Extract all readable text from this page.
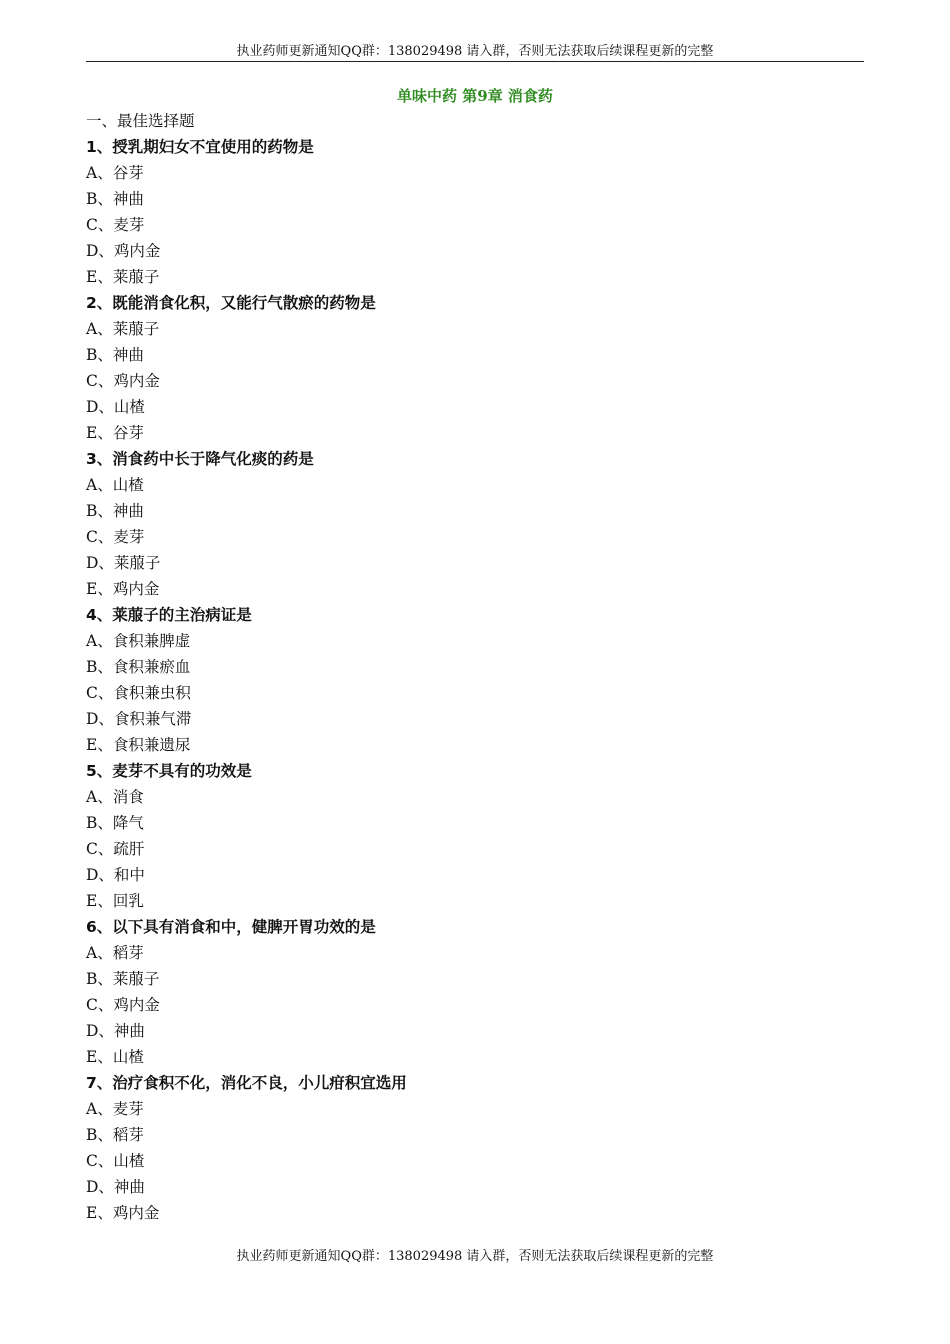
执业药师更新通知QQ群：138029498 请入群，否则无法获取后续课程更新的完整
单味中药 第9章 消食药
一、最佳选择题
1、授乳期妇女不宜使用的药物是
A、谷芽
B、神曲
C、麦芽
D、鸡内金
E、莱菔子
2、既能消食化积，又能行气散瘀的药物是
A、莱菔子
B、神曲
C、鸡内金
D、山楂
E、谷芽
3、消食药中长于降气化痰的药是
A、山楂
B、神曲
C、麦芽
D、莱菔子
E、鸡内金
4、莱菔子的主治病证是
A、食积兼脾虚
B、食积兼瘀血
C、食积兼虫积
D、食积兼气滞
E、食积兼遗尿
5、麦芽不具有的功效是
A、消食
B、降气
C、疏肝
D、和中
E、回乳
6、以下具有消食和中，健脾开胃功效的是
A、稻芽
B、莱菔子
C、鸡内金
D、神曲
E、山楂
7、治疗食积不化，消化不良，小儿疳积宜选用
A、麦芽
B、稻芽
C、山楂
D、神曲
E、鸡内金
执业药师更新通知QQ群：138029498 请入群，否则无法获取后续课程更新的完整
